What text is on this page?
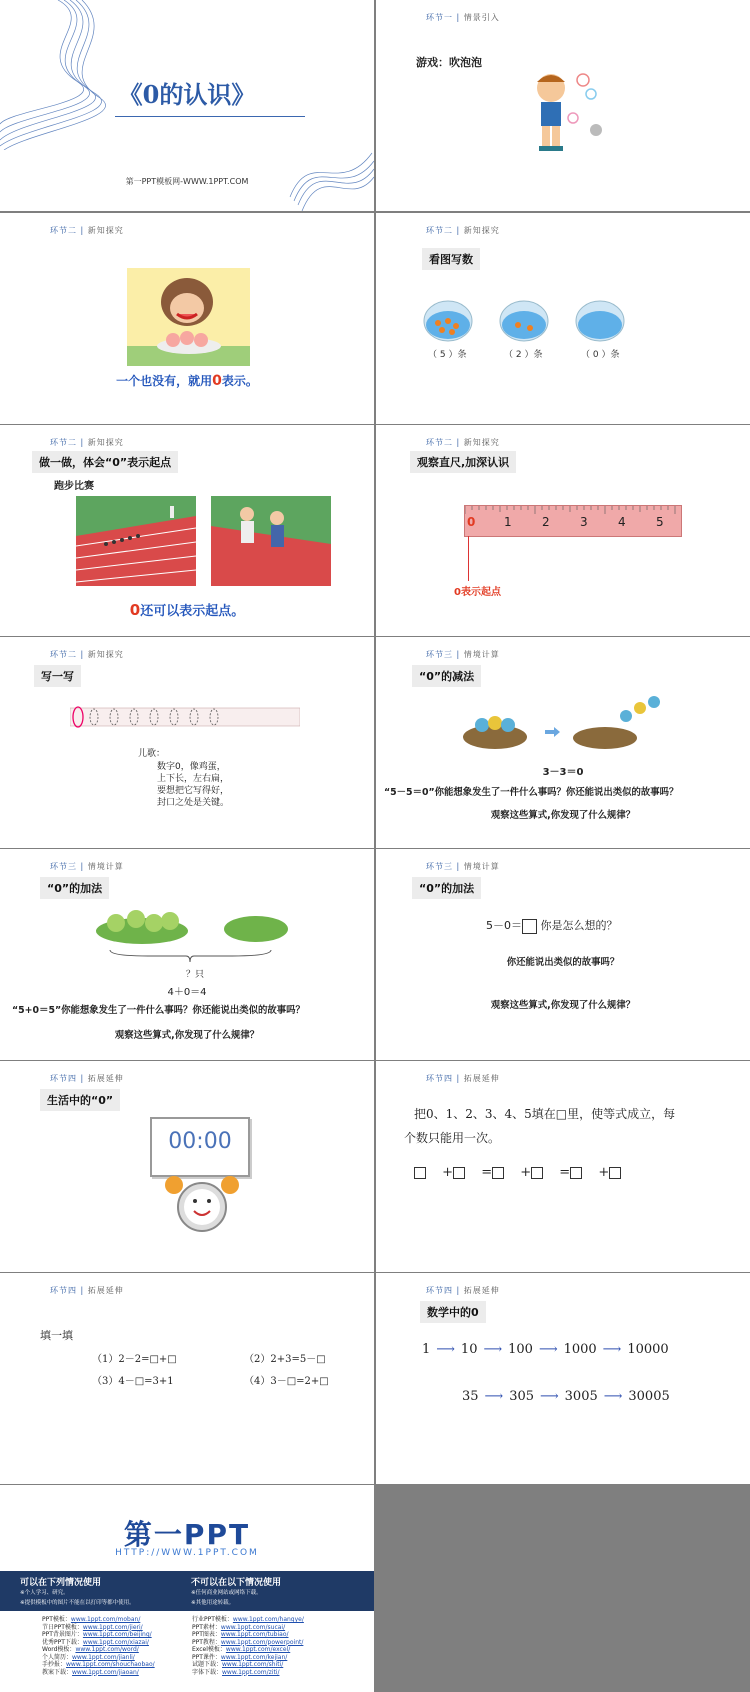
《0的认识》
第一PPT模板网-WWW.1PPT.COM
环节一 | 情景引入
游戏：吹泡泡
环节二 | 新知探究
一个也没有，就用0表示。
环节二 | 新知探究
看图写数
（ 5 ）条	（ 2 ）条	（ 0 ）条
环节二 | 新知探究
做一做，体会“0”表示起点
跑步比赛
0还可以表示起点。
环节二 | 新知探究
观察直尺,加深认识
0 1	2	3	4	5
0表示起点
环节二 | 新知探究
写一写
儿歌：
数字0，像鸡蛋，
上下长，左右扁，
要想把它写得好，
封口之处是关键。
环节三 | 情境计算
“0”的减法
3－3＝0
“5－5＝0”你能想象发生了一件什么事吗？你还能说出类似的故事吗？
观察这些算式,你发现了什么规律？
环节三 | 情境计算
“0”的加法
？只
4＋0＝4
“5+0＝5”你能想象发生了一件什么事吗？你还能说出类似的故事吗？
观察这些算式,你发现了什么规律？
环节三 | 情境计算
“0”的加法
5－0＝ 你是怎么想的？
你还能说出类似的故事吗？
观察这些算式,你发现了什么规律？
环节四 | 拓展延伸
生活中的“0”
00:00
环节四 | 拓展延伸
把0、1、2、3、4、5填在□里，使等式成立，每
个数只能用一次。
+ = + = +
环节四 | 拓展延伸
填一填
（1）2－2=□+□	（2）2+3=5－□
（3）4－□=3+1	（4）3－□=2+□
环节四 | 拓展延伸
数学中的0
1 ⟶ 10 ⟶ 100 ⟶ 1000 ⟶ 10000
35 ⟶ 305 ⟶ 3005 ⟶ 30005
第一PPT
HTTP://WWW.1PPT.COM
可以在下列情况使用
※个人学习、研究。
※提供模板中的图片不能在以打印等都中使用。
不可以在以下情况使用
※任何商业网站或网络下载。
※其他用途转载。
PPT模板：www.1ppt.com/moban/
节日PPT模板：www.1ppt.com/jieri/
PPT背景图片：www.1ppt.com/beijing/
优秀PPT下载：www.1ppt.com/xiazai/
Word模板：www.1ppt.com/word/
个人简历：www.1ppt.com/jianli/
手抄报：www.1ppt.com/shouchaobao/
教案下载：www.1ppt.com/jiaoan/
行业PPT模板：www.1ppt.com/hangye/
PPT素材：www.1ppt.com/sucai/
PPT图表：www.1ppt.com/tubiao/
PPT教程：www.1ppt.com/powerpoint/
Excel模板：www.1ppt.com/excel/
PPT课件：www.1ppt.com/kejian/
试题下载：www.1ppt.com/shiti/
字体下载：www.1ppt.com/ziti/
